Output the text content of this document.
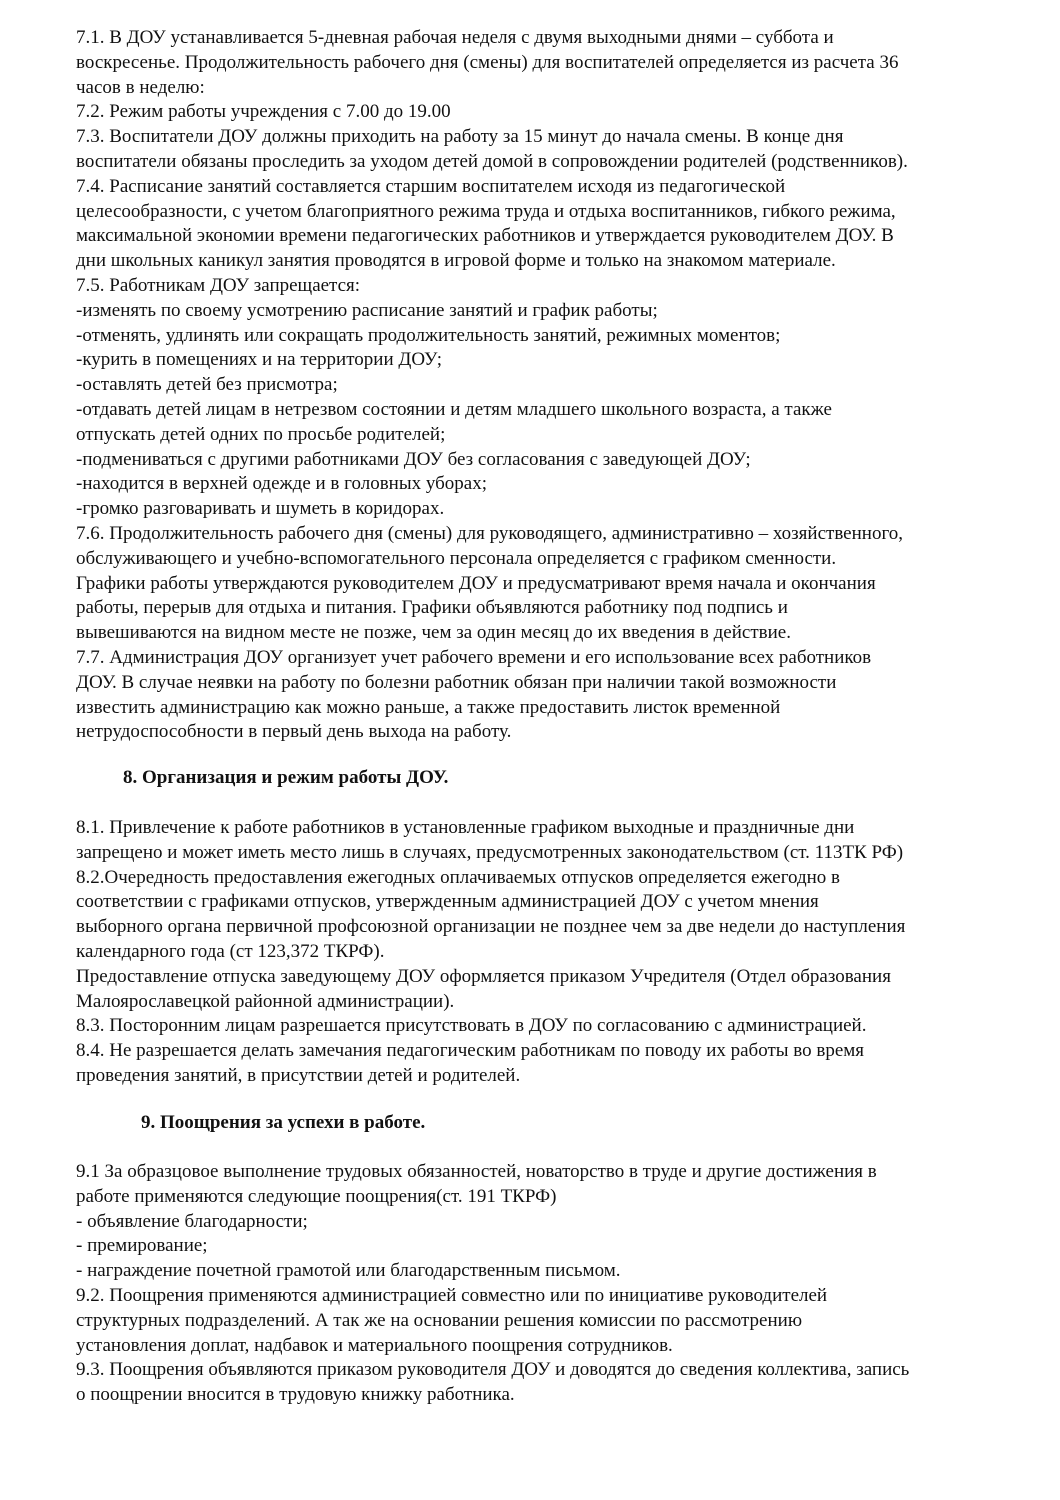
7.1. В ДОУ устанавливается 5-дневная рабочая неделя с двумя выходными днями – суббота и
воскресенье. Продолжительность рабочего дня (смены) для воспитателей определяется из расчета 36
часов в неделю:
7.2. Режим работы учреждения с 7.00 до 19.00
7.3. Воспитатели ДОУ должны приходить на работу за 15 минут до начала смены. В конце дня
воспитатели обязаны проследить за уходом детей домой в сопровождении родителей (родственников).
7.4. Расписание занятий составляется старшим воспитателем исходя из педагогической
целесообразности, с учетом благоприятного режима труда и отдыха воспитанников, гибкого режима,
максимальной экономии времени педагогических работников и утверждается руководителем ДОУ. В
дни школьных каникул занятия проводятся в игровой форме и только на знакомом материале.
7.5. Работникам ДОУ запрещается:
-изменять по своему усмотрению расписание занятий и график работы;
-отменять, удлинять или сокращать продолжительность занятий, режимных моментов;
-курить в помещениях и на территории ДОУ;
-оставлять детей без присмотра;
-отдавать детей лицам в нетрезвом состоянии и детям младшего школьного возраста, а также
отпускать детей одних по просьбе родителей;
-подмениваться с другими работниками ДОУ без согласования с заведующей ДОУ;
-находится в верхней одежде и в головных уборах;
-громко разговаривать и шуметь в коридорах.
7.6. Продолжительность рабочего дня (смены) для руководящего, административно – хозяйственного,
обслуживающего и учебно-вспомогательного персонала определяется с графиком сменности.
Графики работы утверждаются руководителем ДОУ и предусматривают время начала и окончания
работы, перерыв для отдыха и питания. Графики объявляются работнику под подпись и
вывешиваются на видном месте не позже, чем за один месяц до их введения в действие.
7.7. Администрация ДОУ организует учет рабочего времени и его использование всех работников
ДОУ. В случае неявки на работу по болезни работник обязан при наличии такой возможности
известить администрацию как можно раньше, а также предоставить листок временной
нетрудоспособности в первый день выхода на работу.
8. Организация и режим работы ДОУ.
8.1. Привлечение к работе работников в установленные графиком выходные и праздничные дни
запрещено и может иметь место лишь в случаях, предусмотренных законодательством (ст. 113ТК РФ)
8.2.Очередность предоставления ежегодных оплачиваемых отпусков определяется ежегодно в
соответствии с графиками отпусков, утвержденным администрацией ДОУ с учетом мнения
выборного органа первичной профсоюзной организации не позднее чем за две недели до наступления
календарного года (ст 123,372 ТКРФ).
Предоставление отпуска заведующему ДОУ оформляется приказом Учредителя (Отдел образования
Малоярославецкой районной администрации).
8.3. Посторонним лицам разрешается присутствовать в ДОУ по согласованию с администрацией.
8.4. Не разрешается делать замечания педагогическим работникам по поводу их работы во время
проведения занятий, в присутствии детей и родителей.
9. Поощрения за успехи в работе.
9.1 За образцовое выполнение трудовых обязанностей, новаторство в труде и другие достижения в
работе применяются следующие поощрения(ст. 191 ТКРФ)
- объявление благодарности;
- премирование;
- награждение почетной грамотой или благодарственным письмом.
9.2. Поощрения применяются администрацией совместно или по инициативе руководителей
структурных подразделений. А так же на основании решения комиссии по рассмотрению
установления доплат, надбавок и материального поощрения сотрудников.
9.3. Поощрения объявляются приказом руководителя ДОУ и доводятся до сведения коллектива, запись
о поощрении вносится в трудовую книжку работника.
